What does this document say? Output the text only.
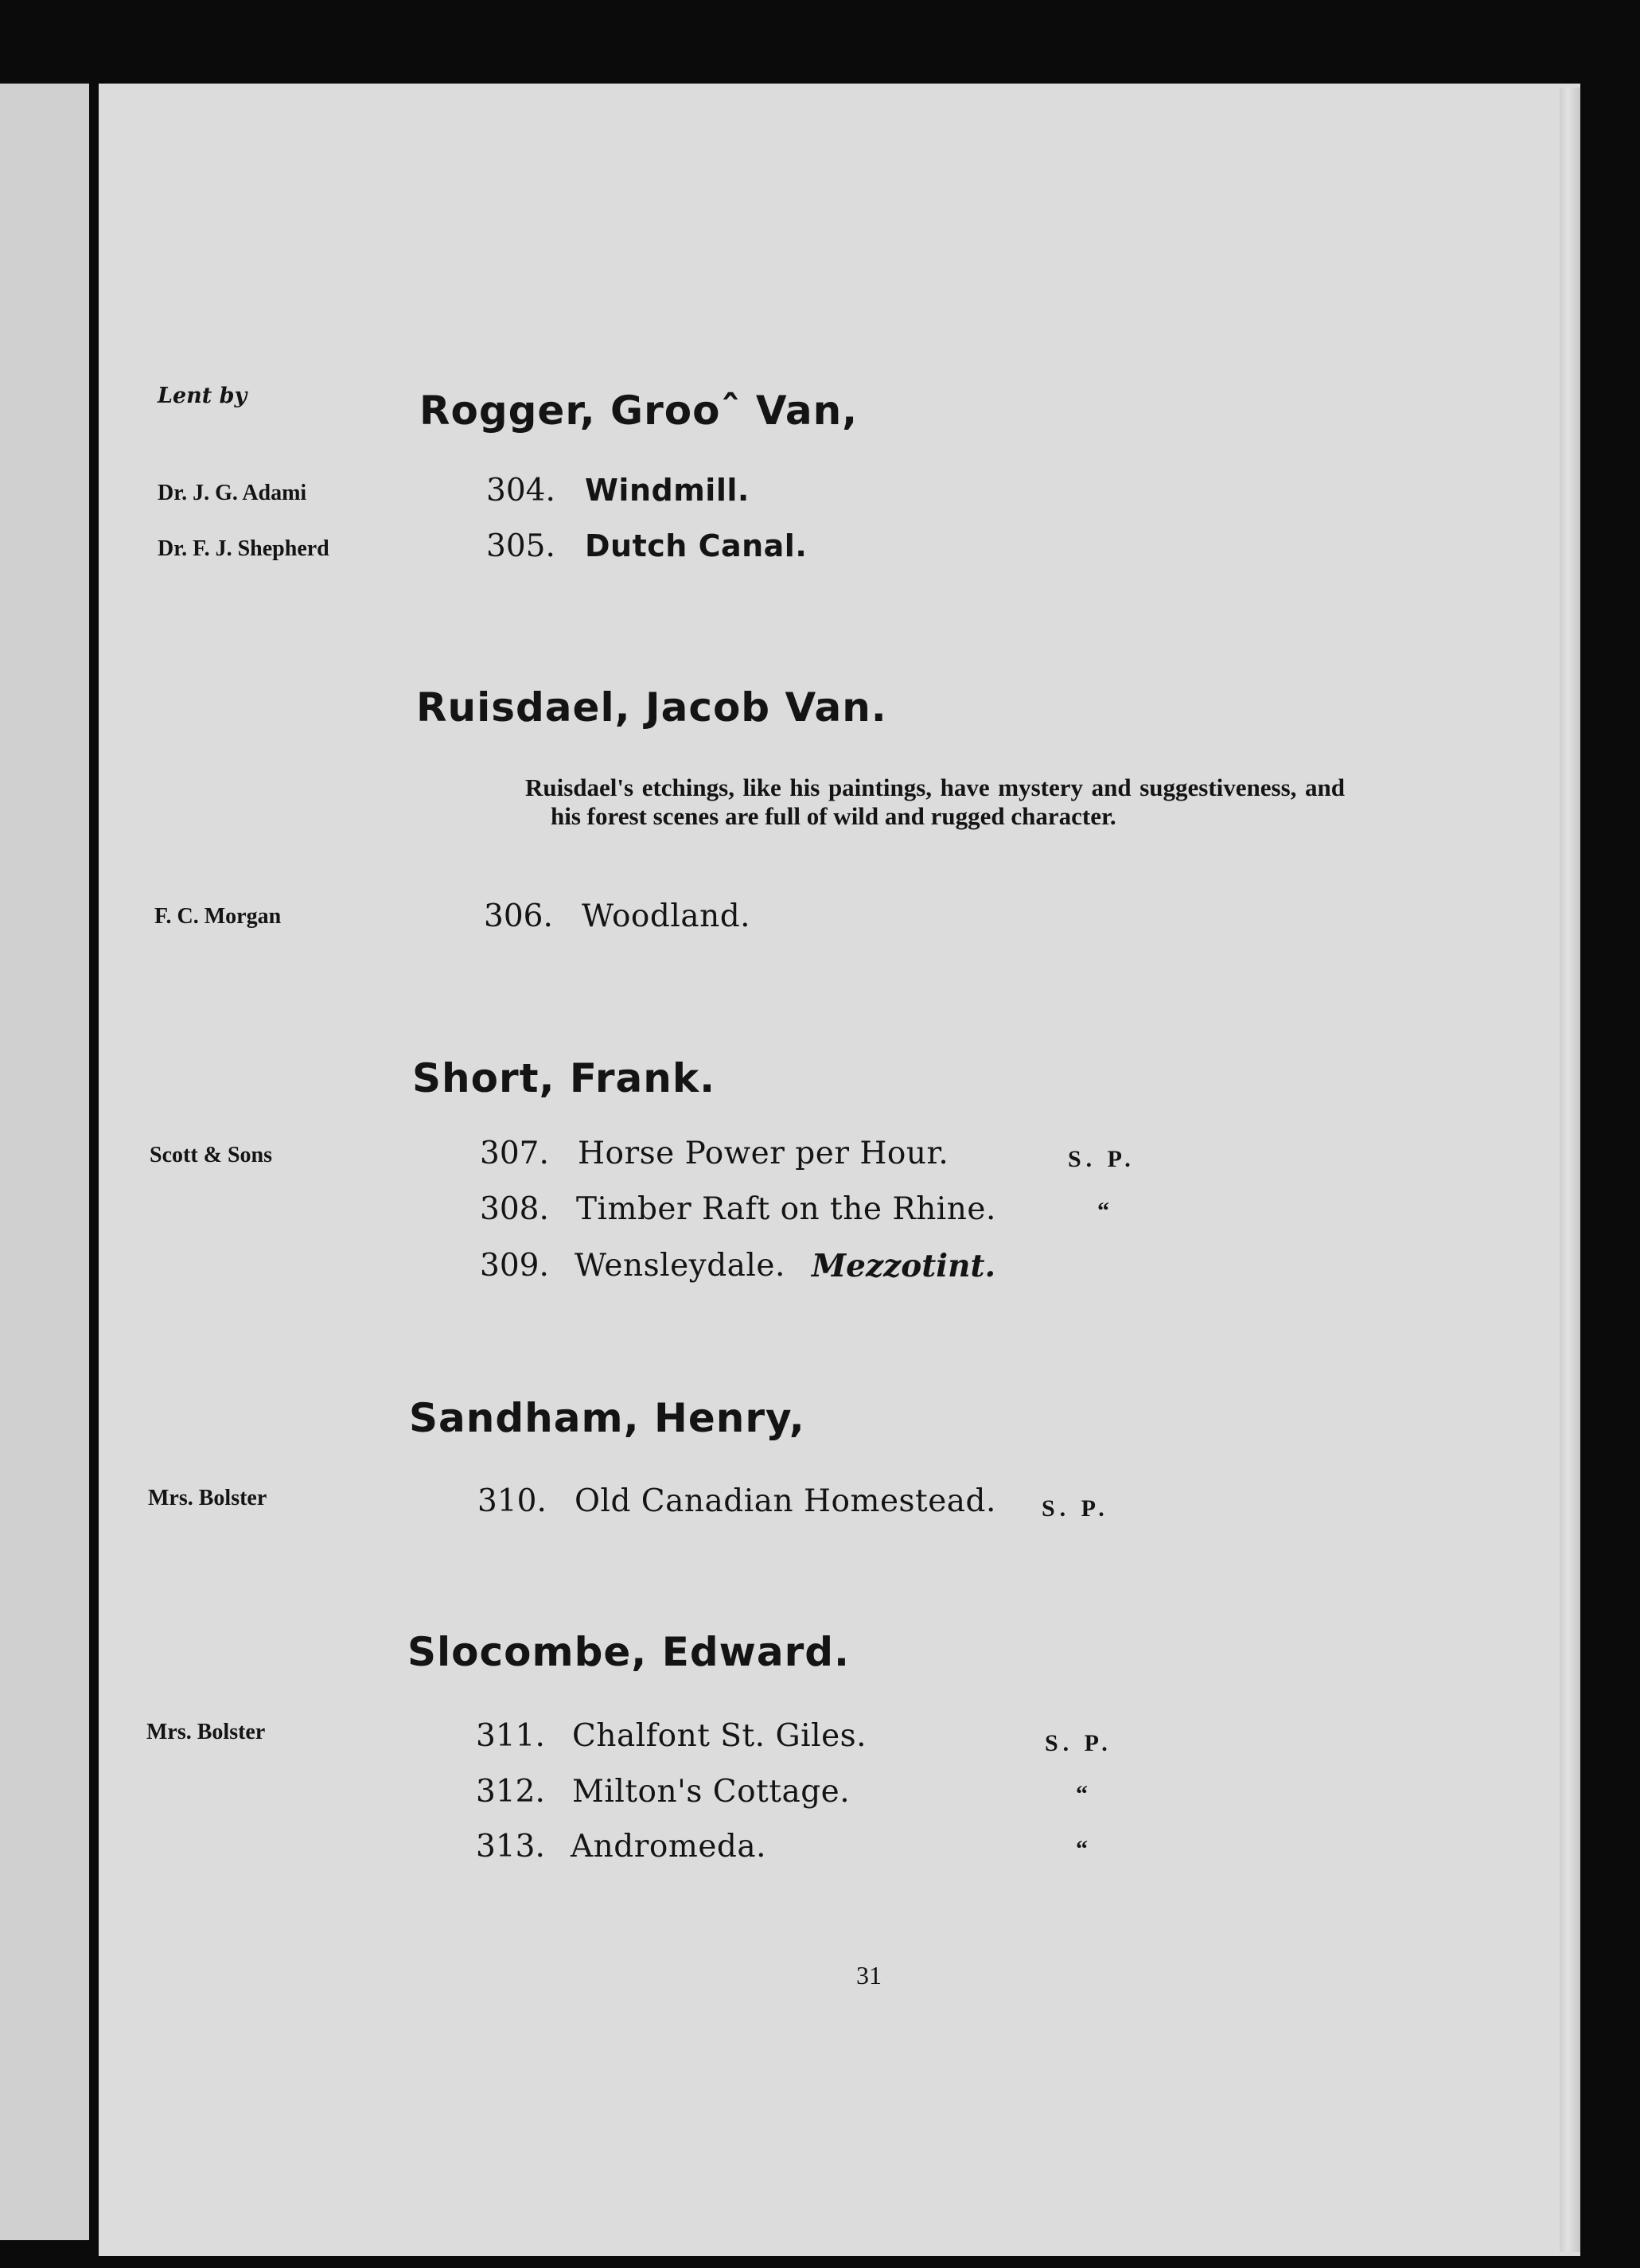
Lent by	Rogger, Grooˆ Van,
Dr. J. G. Adami	304. Windmill.
Dr. F. J. Shepherd	305. Dutch Canal.
Ruisdael, Jacob Van.

Ruisdael's etchings, like his paintings, have mystery and suggestiveness, and his forest scenes are full of wild and rugged character.

F. C. Morgan	306. Woodland.
Short, Frank.
Scott & Sons	307. Horse Power per Hour.	S. P.
308. Timber Raft on the Rhine.	“
309. Wensleydale. Mezzotint.
Sandham, Henry,
Mrs. Bolster	310. Old Canadian Homestead. S. P.
Slocombe, Edward.
Mrs. Bolster	311. Chalfont St. Giles.	S. P.
312. Milton's Cottage.	“
313. Andromeda.	“
31
